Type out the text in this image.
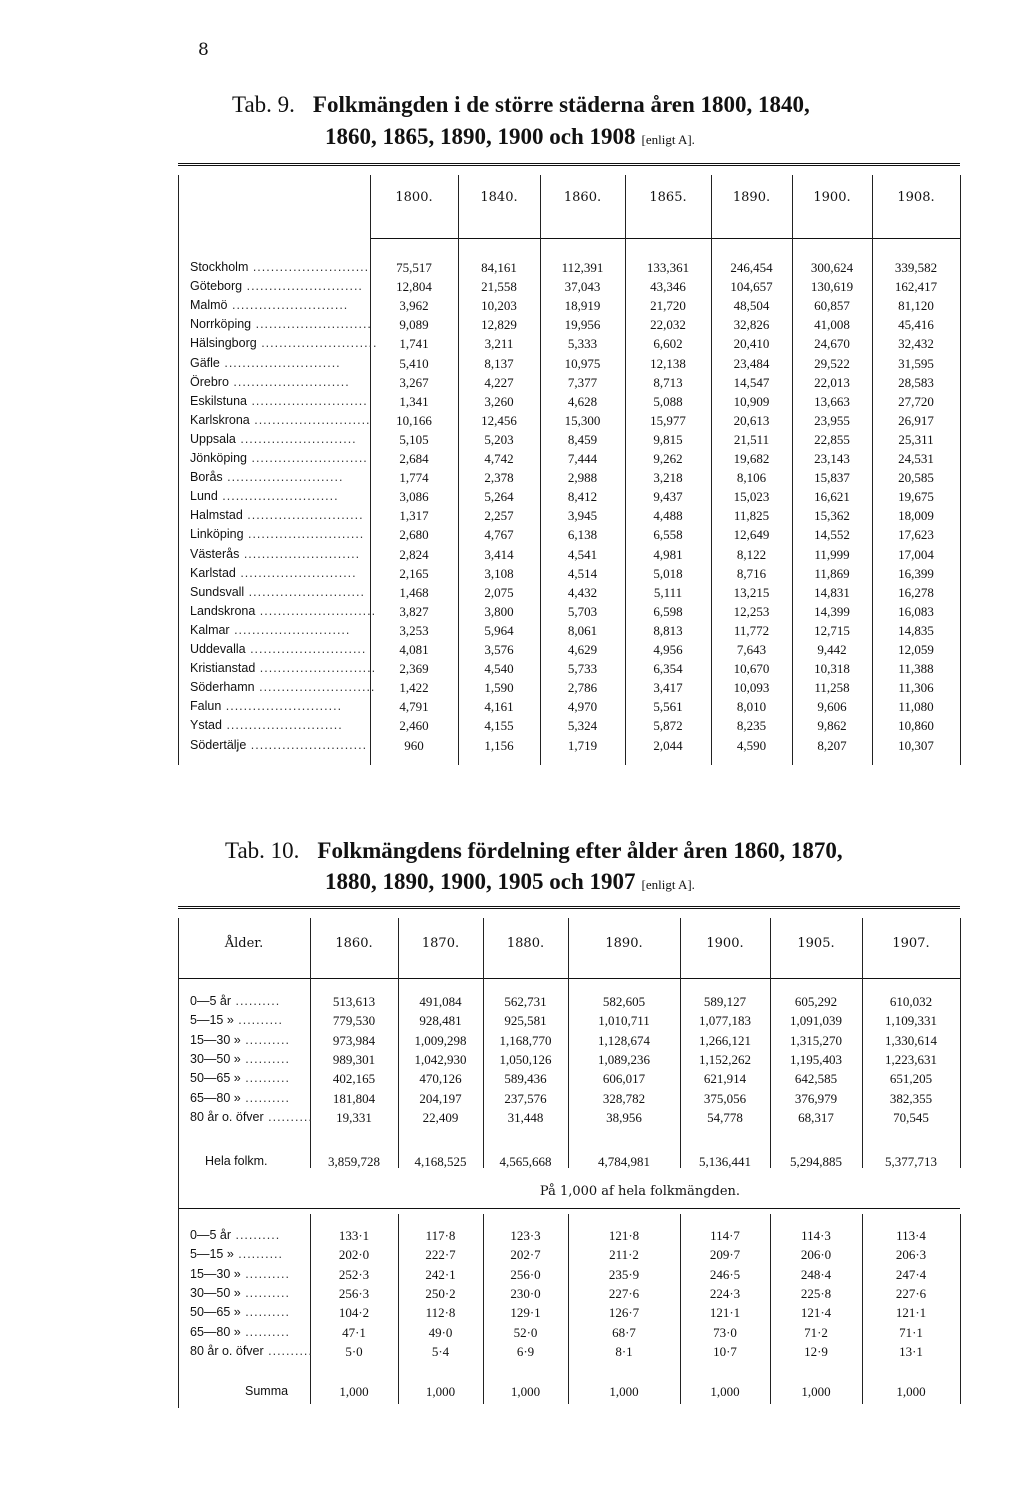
8
Tab. 9. Folkmängden i de större städerna åren 1800, 1840,
1860, 1865, 1890, 1900 och 1908 [enligt A].
1800.	1840.	1860.	1865.	1890.	1900.	1908.
Stockholm ..........................	75,517	84,161	112,391	133,361	246,454	300,624	339,582
Göteborg ..........................	12,804	21,558	37,043	43,346	104,657	130,619	162,417
Malmö ..........................	3,962	10,203	18,919	21,720	48,504	60,857	81,120
Norrköping ..........................	9,089	12,829	19,956	22,032	32,826	41,008	45,416
Hälsingborg ..........................	1,741	3,211	5,333	6,602	20,410	24,670	32,432
Gäfle ..........................	5,410	8,137	10,975	12,138	23,484	29,522	31,595
Örebro ..........................	3,267	4,227	7,377	8,713	14,547	22,013	28,583
Eskilstuna ..........................	1,341	3,260	4,628	5,088	10,909	13,663	27,720
Karlskrona ..........................	10,166	12,456	15,300	15,977	20,613	23,955	26,917
Uppsala ..........................	5,105	5,203	8,459	9,815	21,511	22,855	25,311
Jönköping ..........................	2,684	4,742	7,444	9,262	19,682	23,143	24,531
Borås ..........................	1,774	2,378	2,988	3,218	8,106	15,837	20,585
Lund ..........................	3,086	5,264	8,412	9,437	15,023	16,621	19,675
Halmstad ..........................	1,317	2,257	3,945	4,488	11,825	15,362	18,009
Linköping ..........................	2,680	4,767	6,138	6,558	12,649	14,552	17,623
Västerås ..........................	2,824	3,414	4,541	4,981	8,122	11,999	17,004
Karlstad ..........................	2,165	3,108	4,514	5,018	8,716	11,869	16,399
Sundsvall ..........................	1,468	2,075	4,432	5,111	13,215	14,831	16,278
Landskrona ..........................	3,827	3,800	5,703	6,598	12,253	14,399	16,083
Kalmar ..........................	3,253	5,964	8,061	8,813	11,772	12,715	14,835
Uddevalla ..........................	4,081	3,576	4,629	4,956	7,643	9,442	12,059
Kristianstad ..........................	2,369	4,540	5,733	6,354	10,670	10,318	11,388
Söderhamn ..........................	1,422	1,590	2,786	3,417	10,093	11,258	11,306
Falun ..........................	4,791	4,161	4,970	5,561	8,010	9,606	11,080
Ystad ..........................	2,460	4,155	5,324	5,872	8,235	9,862	10,860
Södertälje ..........................	960	1,156	1,719	2,044	4,590	8,207	10,307
Tab. 10. Folkmängdens fördelning efter ålder åren 1860, 1870,
1880, 1890, 1900, 1905 och 1907 [enligt A].
På 1,000 af hela folkmängden.
Ålder.	1860.	1870.	1880.	1890.	1900.	1905.	1907.
0—5 år ..........	513,613	491,084	562,731	582,605	589,127	605,292	610,032
5—15 » ..........	779,530	928,481	925,581	1,010,711	1,077,183	1,091,039	1,109,331
15—30 » ..........	973,984	1,009,298	1,168,770	1,128,674	1,266,121	1,315,270	1,330,614
30—50 » ..........	989,301	1,042,930	1,050,126	1,089,236	1,152,262	1,195,403	1,223,631
50—65 » ..........	402,165	470,126	589,436	606,017	621,914	642,585	651,205
65—80 » ..........	181,804	204,197	237,576	328,782	375,056	376,979	382,355
80 år o. öfver ..........	19,331	22,409	31,448	38,956	54,778	68,317	70,545
Hela folkm.	3,859,728	4,168,525	4,565,668	4,784,981	5,136,441	5,294,885	5,377,713
0—5 år ..........	133·1	117·8	123·3	121·8	114·7	114·3	113·4
5—15 » ..........	202·0	222·7	202·7	211·2	209·7	206·0	206·3
15—30 » ..........	252·3	242·1	256·0	235·9	246·5	248·4	247·4
30—50 » ..........	256·3	250·2	230·0	227·6	224·3	225·8	227·6
50—65 » ..........	104·2	112·8	129·1	126·7	121·1	121·4	121·1
65—80 » ..........	47·1	49·0	52·0	68·7	73·0	71·2	71·1
80 år o. öfver ..........	5·0	5·4	6·9	8·1	10·7	12·9	13·1
Summa	1,000	1,000	1,000	1,000	1,000	1,000	1,000
